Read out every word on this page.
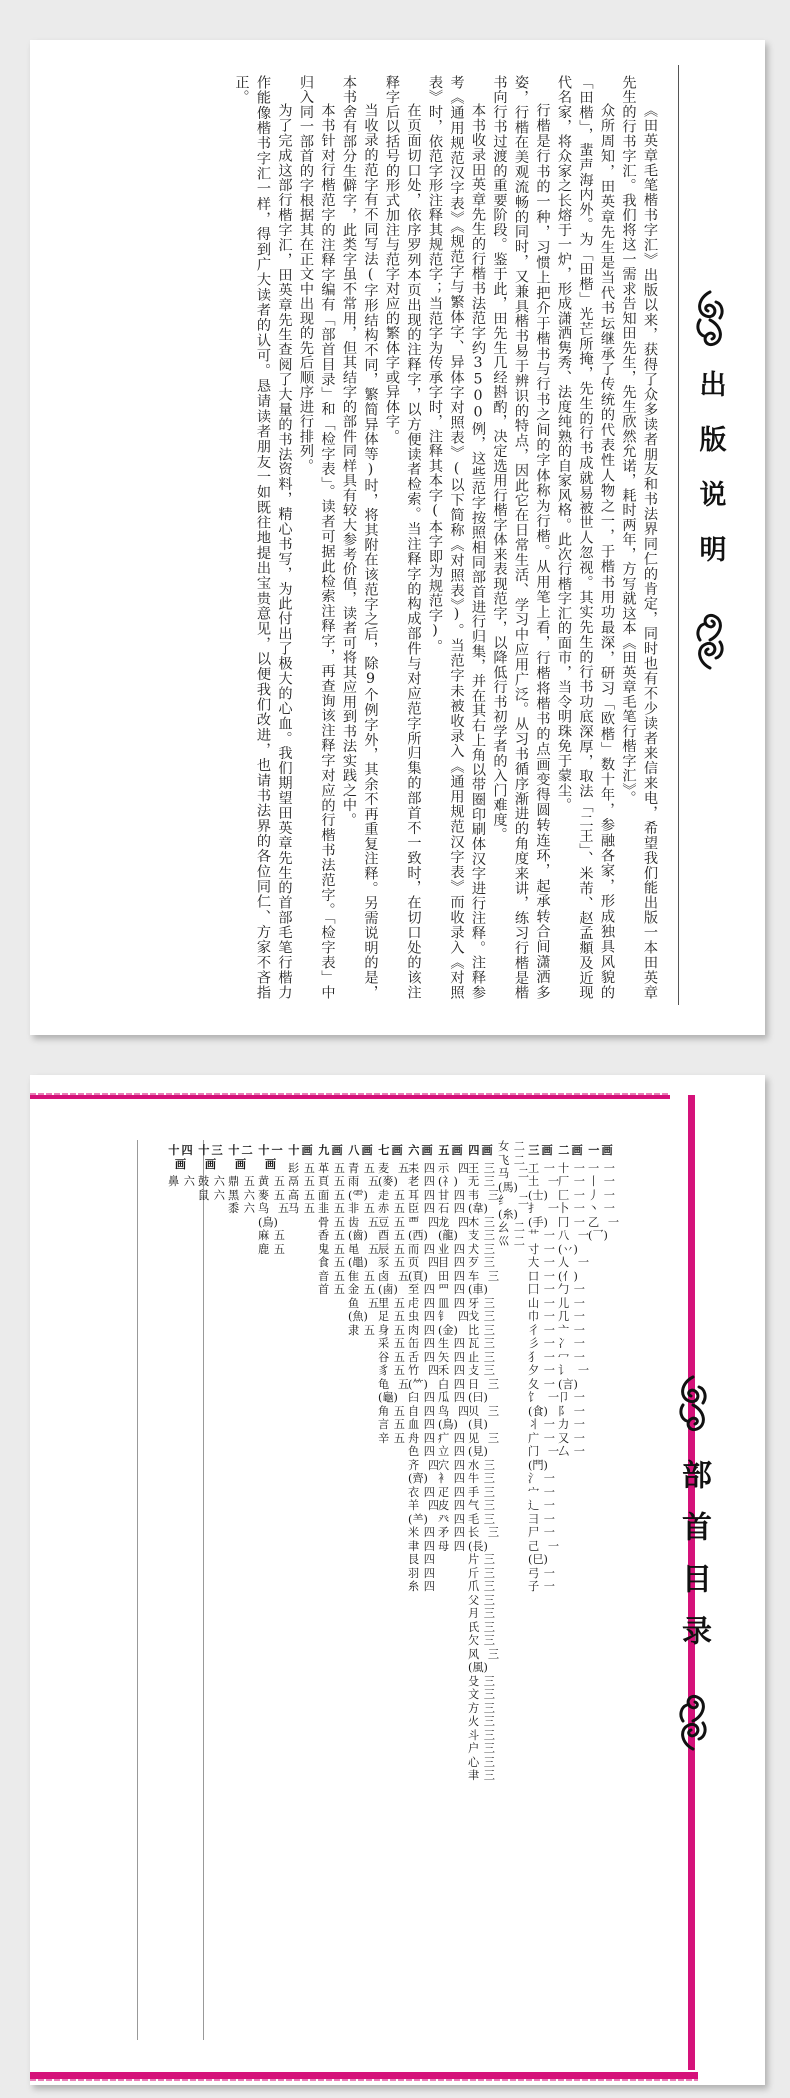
出版说明

《田英章毛笔楷书字汇》出版以来，获得了众多读者朋友和书法界同仁的肯定，同时也有不少读者来信来电，希望我们能出版一本田英章先生的行书字汇。我们将这一需求告知田先生，先生欣然允诺，耗时两年，方写就这本《田英章毛笔行楷字汇》。

众所周知，田英章先生是当代书坛继承了传统的代表性人物之一，于楷书用功最深，研习「欧楷」数十年，参融各家，形成独具风貌的「田楷」，蜚声海内外。为「田楷」光芒所掩，先生的行书成就易被世人忽视。其实先生的行书功底深厚，取法「二王」、米芾、赵孟頫及近现代名家，将众家之长熔于一炉，形成潇洒隽秀、法度纯熟的自家风格。此次行楷字汇的面市，当令明珠免于蒙尘。

行楷是行书的一种，习惯上把介于楷书与行书之间的字体称为行楷。从用笔上看，行楷将楷书的点画变得圆转连环，起承转合间潇洒多姿，行楷在美观流畅的同时，又兼具楷书易于辨识的特点，因此它在日常生活、学习中应用广泛。从习书循序渐进的角度来讲，练习行楷是楷书向行书过渡的重要阶段。鉴于此，田先生几经斟酌，决定选用行楷字体来表现范字，以降低行书初学者的入门难度。

本书收录田英章先生的行楷书法范字约3500例，这些范字按照相同部首进行归集，并在其右上角以带圈印刷体汉字进行注释。注释参考《通用规范汉字表》《规范字与繁体字、异体字对照表》(以下简称《对照表》)。当范字未被收录入《通用规范汉字表》而收录入《对照表》时，依范字形注释其规范字；当范字为传承字时，注释其本字(本字即为规范字)。

在页面切口处，依序罗列本页出现的注释字，以方便读者检索。当注释字的构成部件与对应范字所归集的部首不一致时，在切口处的该注释字后以括号的形式加注与范字对应的繁体字或异体字。

当收录的范字有不同写法(字形结构不同，繁简异体等)时，将其附在该范字之后，除9个例字外，其余不再重复注释。另需说明的是，本书舍有部分生僻字，此类字虽不常用，但其结字的部件同样具有较大参考价值，读者可将其应用到书法实践之中。

本书针对行楷范字的注释字编有「部首目录」和「检字表」。读者可据此检索注释字，再查询该注释字对应的行楷书法范字。「检字表」中归入同一部首的字根据其在正文中出现的先后顺序进行排列。

为了完成这部行楷字汇，田英章先生查阅了大量的书法资料，精心书写，为此付出了极大的心血。我们期望田英章先生的首部毛笔行楷力作能像楷书字汇一样，得到广大读者的认可。恳请读者朋友一如既往地提出宝贵意见，以便我们改进，也请书法界的各位同仁、方家不吝指正。

部首目录
一画
一 一
丨 一
丿 一
丶 一
乙(乛)
一
二画
十 一
厂 一
匚 一
卜 一
冂 一
八(丷)
一
人(亻)
一
勹 一
儿 一
几 一
亠 一
冫 一
冖 一
讠(言)
一
卩 一
阝 一
力 一
又 一
厶 一
三画
工 一
土(士)
一
扌(手)
一
艹 一
寸 一
大 一
口 一
囗 一
山 一
巾 一
彳 一
彡 一
犭 一
夕 一
夂 一
饣(食)
一
丬 一
广 一
门(門)
一
氵 一
宀 一
辶 一
彐 一
尸 一
己(巳)
一
弓 一
子 一
女 二
飞 二
马(馬)
二
纟(糸)
二
幺 二
巛 二
四画
王 三
无 三
韦(韋)
三
木 三
支 三
犬 三
歹 三
车(車)
三
牙 三
戈 三
比 三
瓦 三
止 三
攴 三
日(曰)
三
贝(貝)
三
见(見)
三
水 三
牛 三
手 三
气 三
毛 三
长(長)
三
片 三
斤 三
爪 三
父 三
月 三
氏 三
欠 三
风(風)
三
殳 三
文 三
方 三
火 三
斗 三
户 三
心 三
聿 三
五画
示(礻)
四
甘 四
石 四
龙(龍)
四
业 四
目 四
田 四
罒 四
皿 四
钅(金)
四
生 四
矢 四
禾 四
白 四
瓜 四
鸟(鳥)
四
疒 四
立 四
穴 四
衤 四
疋 四
皮 四
癶 四
矛 四
母 四
六画
耒 四
老 四
耳 四
臣 四
覀(西)
四
而 四
页(頁)
四
至 四
虍 四
虫 四
肉 四
缶 四
舌 四
竹(⺮)
四
臼 四
自 四
血 四
舟 四
色 四
齐(齊)
四
衣 四
羊(⺷)
四
米 四
聿 四
艮 四
羽 四
糸 四
七画
麦(麥)
五
走 五
赤 五
豆 五
酉 五
辰 五
豕 五
卤(鹵)
五
里 五
足 五
身 五
采 五
谷 五
豸 五
龟(龜)
五
角 五
言 五
辛 五
八画
青 五
雨(⻗)
五
非 五
齿(齒)
五
黾(黽)
五
隹 五
金 五
鱼(魚)
五
隶 五
九画
革 五
頁 五
面 五
韭 五
骨 五
香 五
鬼 五
食 五
音 五
首 五
十画
髟 五
鬲 五
高 五
马 五
十一画
黄 五
麥 五
鸟(鳥)
五
麻 五
鹿 五
十二画
鼎 五
黑 六
黍 六
十三画
鼓 六
鼠 六
十四画
鼻 六
